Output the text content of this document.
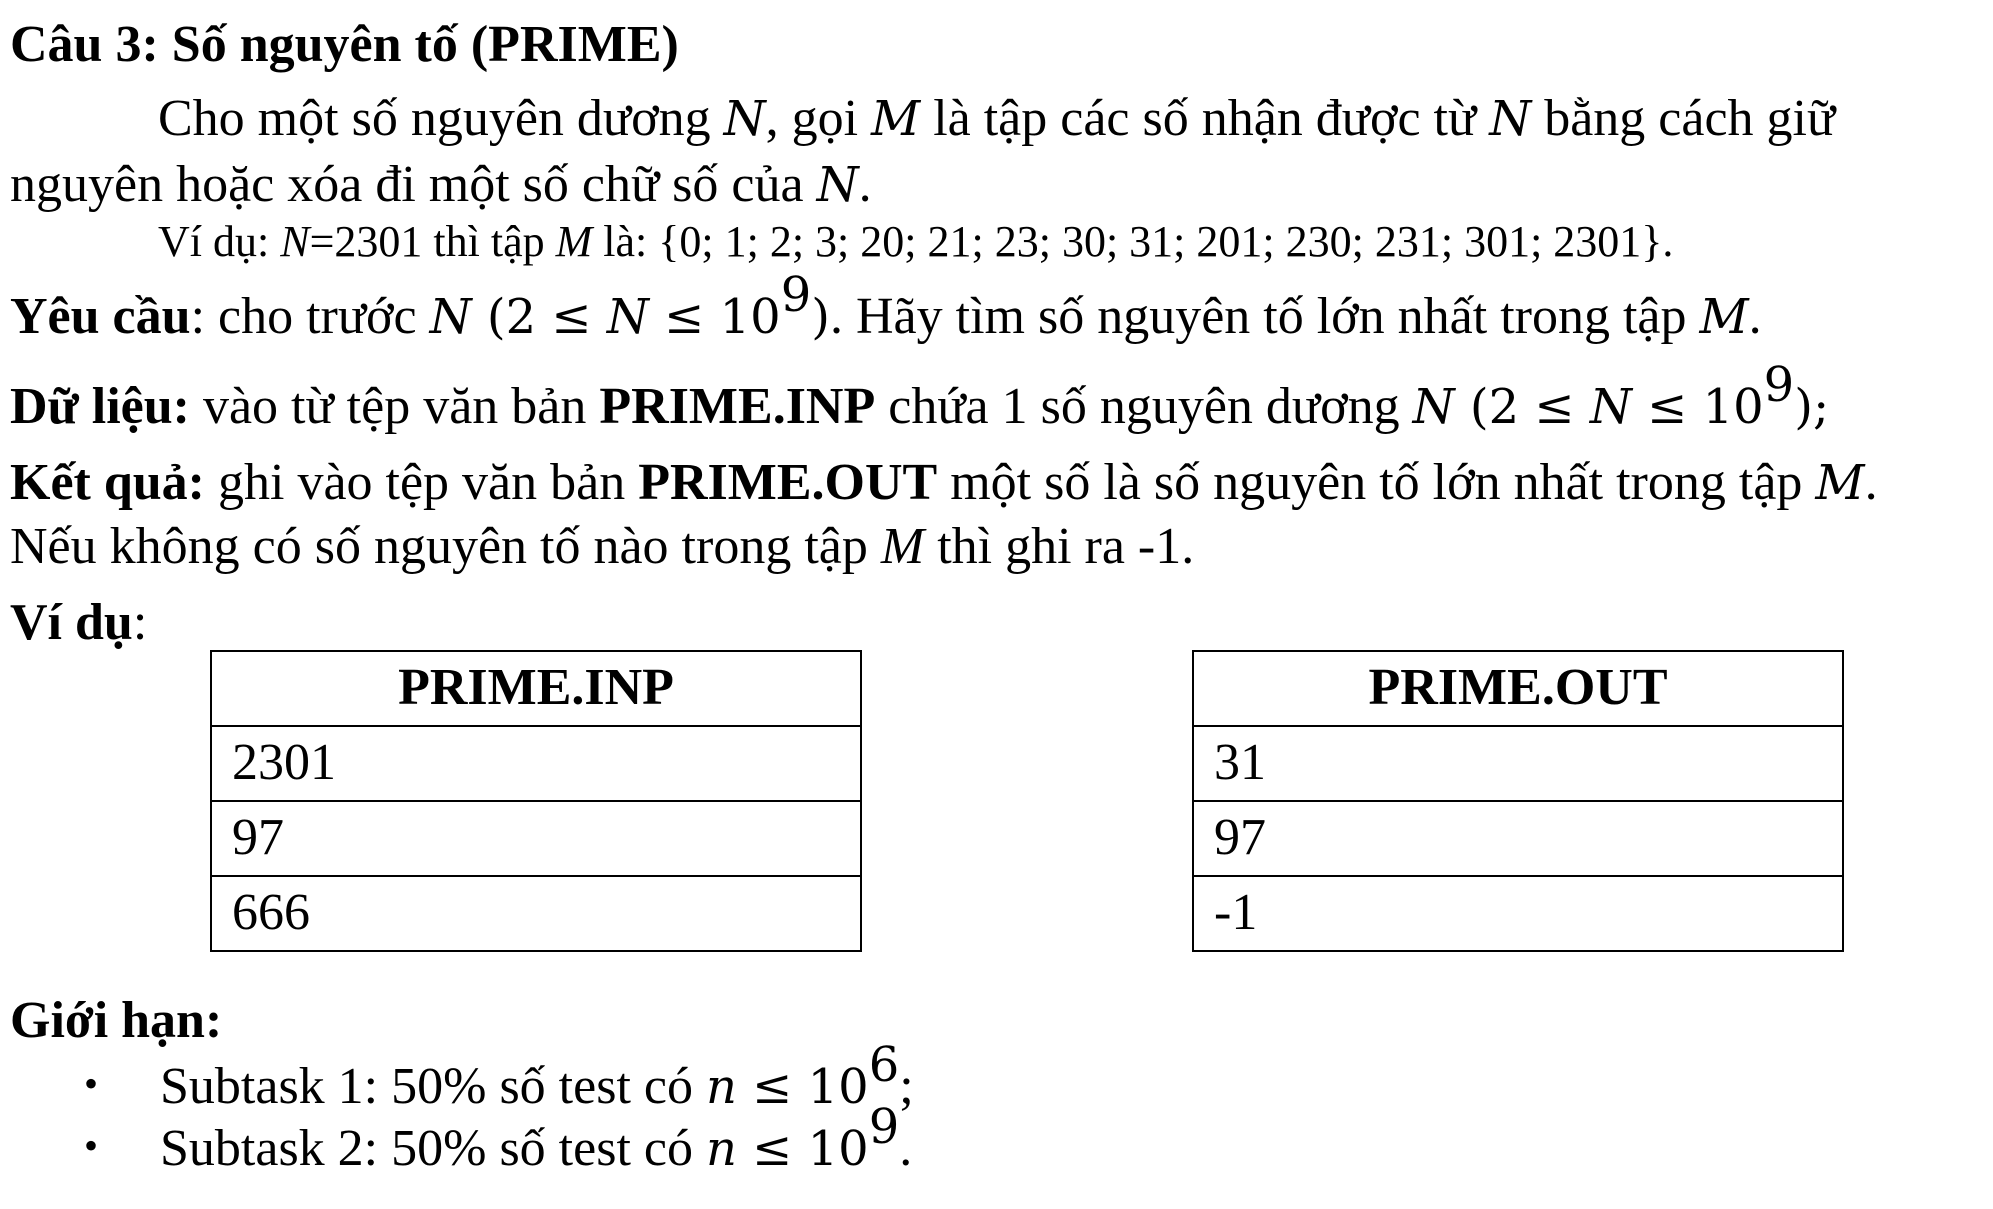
Câu 3: Số nguyên tố (PRIME)
Cho một số nguyên dương N, gọi M là tập các số nhận được từ N bằng cách giữ
nguyên hoặc xóa đi một số chữ số của N.
Ví dụ: N=2301 thì tập M là: {0; 1; 2; 3; 20; 21; 23; 30; 31; 201; 230; 231; 301; 2301}.
Yêu cầu: cho trước N $(2 \le N \le 10^9)$. Hãy tìm số nguyên tố lớn nhất trong tập M.
Dữ liệu: vào từ tệp văn bản PRIME.INP chứa 1 số nguyên dương N $(2 \le N \le 10^9)$;
Kết quả: ghi vào tệp văn bản PRIME.OUT một số là số nguyên tố lớn nhất trong tập M.
Nếu không có số nguyên tố nào trong tập M thì ghi ra -1.
Ví dụ:
PRIME.INP
2301
97
666
PRIME.OUT
31
97
-1
Giới hạn:
• Subtask 1: 50% số test có $n \le 10^6$;
• Subtask 2: 50% số test có $n \le 10^9$.
